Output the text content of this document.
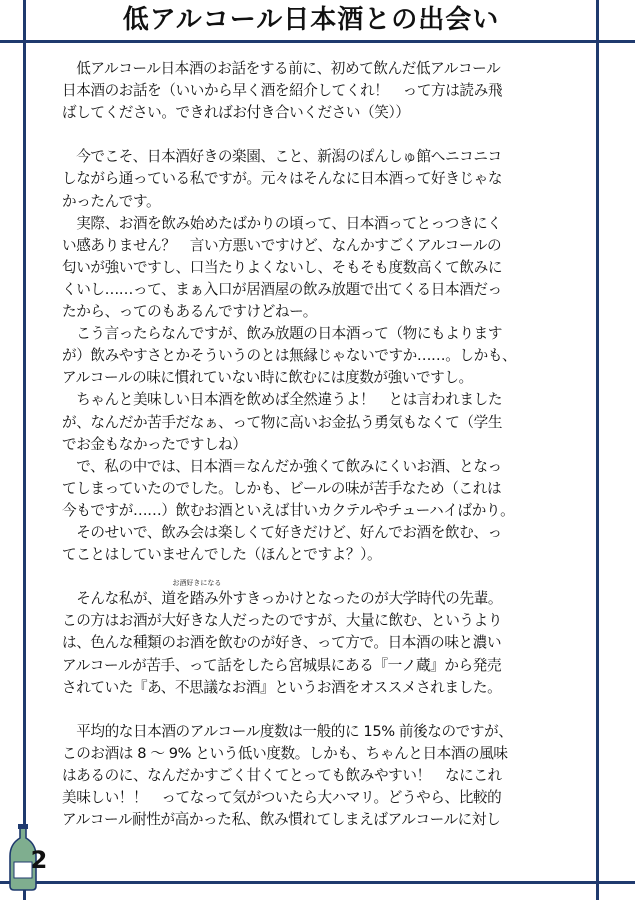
低アルコール日本酒との出会い
　低アルコール日本酒のお話をする前に、初めて飲んだ低アルコール
日本酒のお話を（いいから早く酒を紹介してくれ！　って方は読み飛
ばしてください。できればお付き合いください（笑））
　今でこそ、日本酒好きの楽園、こと、新潟のぽんしゅ館へニコニコ
しながら通っている私ですが。元々はそんなに日本酒って好きじゃな
かったんです。
　実際、お酒を飲み始めたばかりの頃って、日本酒ってとっつきにく
い感ありません？　言い方悪いですけど、なんかすごくアルコールの
匂いが強いですし、口当たりよくないし、そもそも度数高くて飲みに
くいし……って、まぁ入口が居酒屋の飲み放題で出てくる日本酒だっ
たから、ってのもあるんですけどねー。
　こう言ったらなんですが、飲み放題の日本酒って（物にもよります
が）飲みやすさとかそういうのとは無縁じゃないですか……。しかも、
アルコールの味に慣れていない時に飲むには度数が強いですし。
　ちゃんと美味しい日本酒を飲めば全然違うよ！　とは言われました
が、なんだか苦手だなぁ、って物に高いお金払う勇気もなくて（学生
でお金もなかったですしね）
　で、私の中では、日本酒＝なんだか強くて飲みにくいお酒、となっ
てしまっていたのでした。しかも、ビールの味が苦手なため（これは
今もですが……）飲むお酒といえば甘いカクテルやチューハイばかり。
　そのせいで、飲み会は楽しくて好きだけど、好んでお酒を飲む、っ
てことはしていませんでした（ほんとですよ？）。
　そんな私が、
お酒好きになる
道を踏み外すきっかけとなったのが大学時代の先輩。
この方はお酒が大好きな人だったのですが、大量に飲む、というより
は、色んな種類のお酒を飲むのが好き、って方で。日本酒の味と濃い
アルコールが苦手、って話をしたら宮城県にある『一ノ蔵』から発売
されていた『あ、不思議なお酒』というお酒をオススメされました。
　平均的な日本酒のアルコール度数は一般的に 15% 前後なのですが、
このお酒は 8 ～ 9% という低い度数。しかも、ちゃんと日本酒の風味
はあるのに、なんだかすごく甘くてとっても飲みやすい！　なにこれ
美味しい！！　ってなって気がついたら大ハマリ。どうやら、比較的
アルコール耐性が高かった私、飲み慣れてしまえばアルコールに対し
2
